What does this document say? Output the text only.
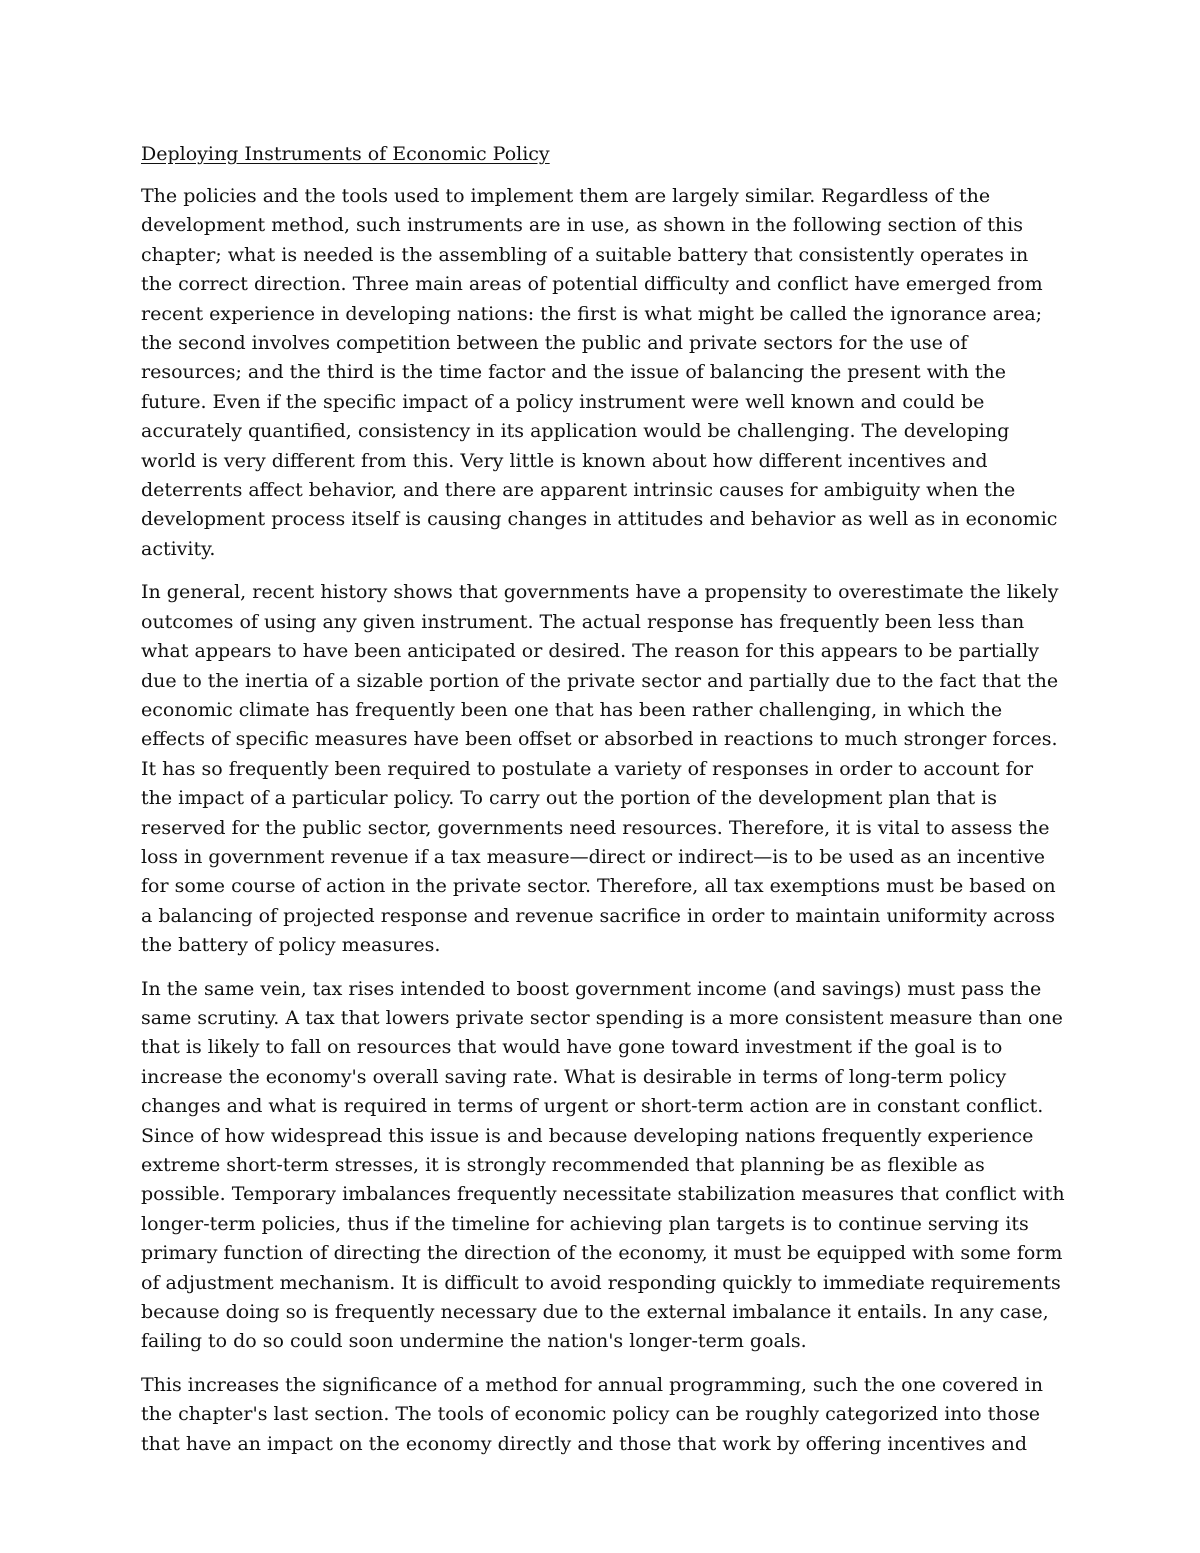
Deploying Instruments of Economic Policy

The policies and the tools used to implement them are largely similar. Regardless of the development method, such instruments are in use, as shown in the following section of this chapter; what is needed is the assembling of a suitable battery that consistently operates in the correct direction. Three main areas of potential difficulty and conflict have emerged from recent experience in developing nations: the first is what might be called the ignorance area; the second involves competition between the public and private sectors for the use of resources; and the third is the time factor and the issue of balancing the present with the future. Even if the specific impact of a policy instrument were well known and could be accurately quantified, consistency in its application would be challenging. The developing world is very different from this. Very little is known about how different incentives and deterrents affect behavior, and there are apparent intrinsic causes for ambiguity when the development process itself is causing changes in attitudes and behavior as well as in economic activity.

In general, recent history shows that governments have a propensity to overestimate the likely outcomes of using any given instrument. The actual response has frequently been less than what appears to have been anticipated or desired. The reason for this appears to be partially due to the inertia of a sizable portion of the private sector and partially due to the fact that the economic climate has frequently been one that has been rather challenging, in which the effects of specific measures have been offset or absorbed in reactions to much stronger forces. It has so frequently been required to postulate a variety of responses in order to account for the impact of a particular policy. To carry out the portion of the development plan that is reserved for the public sector, governments need resources. Therefore, it is vital to assess the loss in government revenue if a tax measure—direct or indirect—is to be used as an incentive for some course of action in the private sector. Therefore, all tax exemptions must be based on a balancing of projected response and revenue sacrifice in order to maintain uniformity across the battery of policy measures.

In the same vein, tax rises intended to boost government income (and savings) must pass the same scrutiny. A tax that lowers private sector spending is a more consistent measure than one that is likely to fall on resources that would have gone toward investment if the goal is to increase the economy's overall saving rate. What is desirable in terms of long-term policy changes and what is required in terms of urgent or short-term action are in constant conflict. Since of how widespread this issue is and because developing nations frequently experience extreme short-term stresses, it is strongly recommended that planning be as flexible as possible. Temporary imbalances frequently necessitate stabilization measures that conflict with longer-term policies, thus if the timeline for achieving plan targets is to continue serving its primary function of directing the direction of the economy, it must be equipped with some form of adjustment mechanism. It is difficult to avoid responding quickly to immediate requirements because doing so is frequently necessary due to the external imbalance it entails. In any case, failing to do so could soon undermine the nation's longer-term goals.

This increases the significance of a method for annual programming, such the one covered in the chapter's last section. The tools of economic policy can be roughly categorized into those that have an impact on the economy directly and those that work by offering incentives and
